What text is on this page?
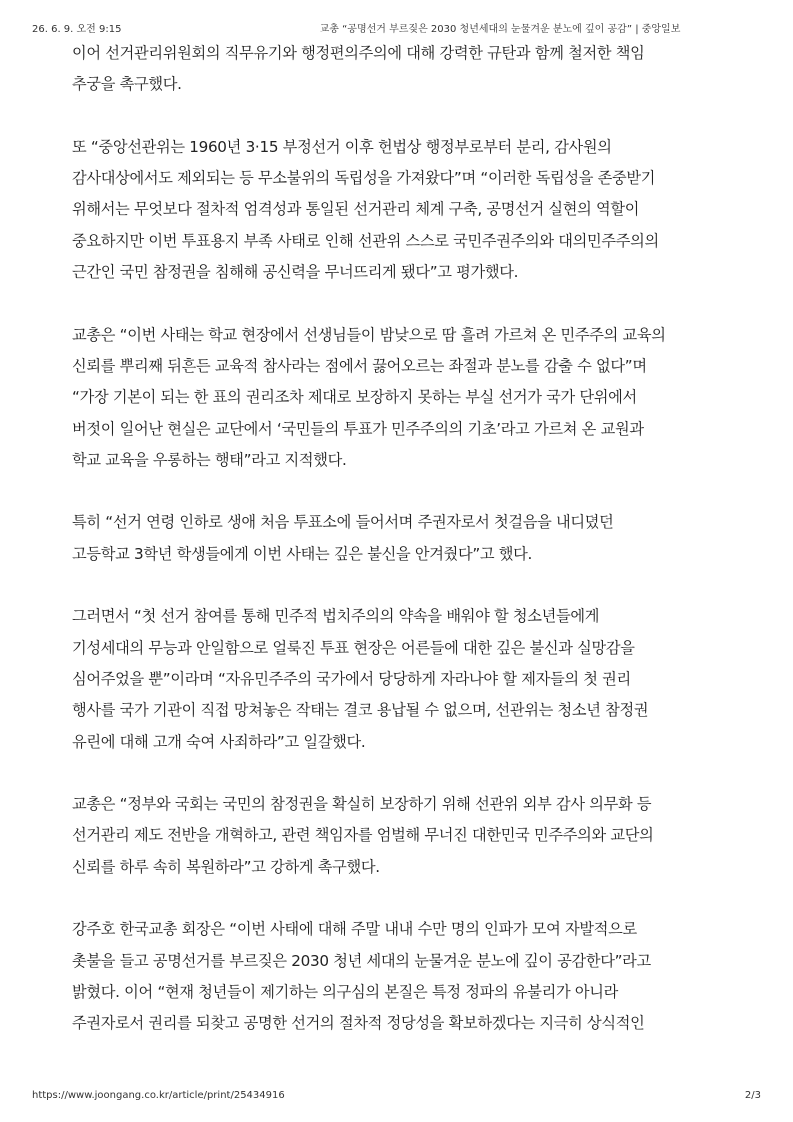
26. 6. 9. 오전 9:15	교총 “공명선거 부르짖은 2030 청년세대의 눈물겨운 분노에 깊이 공감” | 중앙일보
이어 선거관리위원회의 직무유기와 행정편의주의에 대해 강력한 규탄과 함께 철저한 책임
추궁을 촉구했다.
또 “중앙선관위는 1960년 3·15 부정선거 이후 헌법상 행정부로부터 분리, 감사원의
감사대상에서도 제외되는 등 무소불위의 독립성을 가져왔다”며 “이러한 독립성을 존중받기
위해서는 무엇보다 절차적 엄격성과 통일된 선거관리 체계 구축, 공명선거 실현의 역할이
중요하지만 이번 투표용지 부족 사태로 인해 선관위 스스로 국민주권주의와 대의민주주의의
근간인 국민 참정권을 침해해 공신력을 무너뜨리게 됐다”고 평가했다.
교총은 “이번 사태는 학교 현장에서 선생님들이 밤낮으로 땀 흘려 가르쳐 온 민주주의 교육의
신뢰를 뿌리째 뒤흔든 교육적 참사라는 점에서 끓어오르는 좌절과 분노를 감출 수 없다”며
“가장 기본이 되는 한 표의 권리조차 제대로 보장하지 못하는 부실 선거가 국가 단위에서
버젓이 일어난 현실은 교단에서 ‘국민들의 투표가 민주주의의 기초’라고 가르쳐 온 교원과
학교 교육을 우롱하는 행태”라고 지적했다.
특히 “선거 연령 인하로 생애 처음 투표소에 들어서며 주권자로서 첫걸음을 내디뎠던
고등학교 3학년 학생들에게 이번 사태는 깊은 불신을 안겨줬다”고 했다.
그러면서 “첫 선거 참여를 통해 민주적 법치주의의 약속을 배워야 할 청소년들에게
기성세대의 무능과 안일함으로 얼룩진 투표 현장은 어른들에 대한 깊은 불신과 실망감을
심어주었을 뿐”이라며 “자유민주주의 국가에서 당당하게 자라나야 할 제자들의 첫 권리
행사를 국가 기관이 직접 망쳐놓은 작태는 결코 용납될 수 없으며, 선관위는 청소년 참정권
유린에 대해 고개 숙여 사죄하라”고 일갈했다.
교총은 “정부와 국회는 국민의 참정권을 확실히 보장하기 위해 선관위 외부 감사 의무화 등
선거관리 제도 전반을 개혁하고, 관련 책임자를 엄벌해 무너진 대한민국 민주주의와 교단의
신뢰를 하루 속히 복원하라”고 강하게 촉구했다.
강주호 한국교총 회장은 “이번 사태에 대해 주말 내내 수만 명의 인파가 모여 자발적으로
촛불을 들고 공명선거를 부르짖은 2030 청년 세대의 눈물겨운 분노에 깊이 공감한다”라고
밝혔다. 이어 “현재 청년들이 제기하는 의구심의 본질은 특정 정파의 유불리가 아니라
주권자로서 권리를 되찾고 공명한 선거의 절차적 정당성을 확보하겠다는 지극히 상식적인
https://www.joongang.co.kr/article/print/25434916	2/3
